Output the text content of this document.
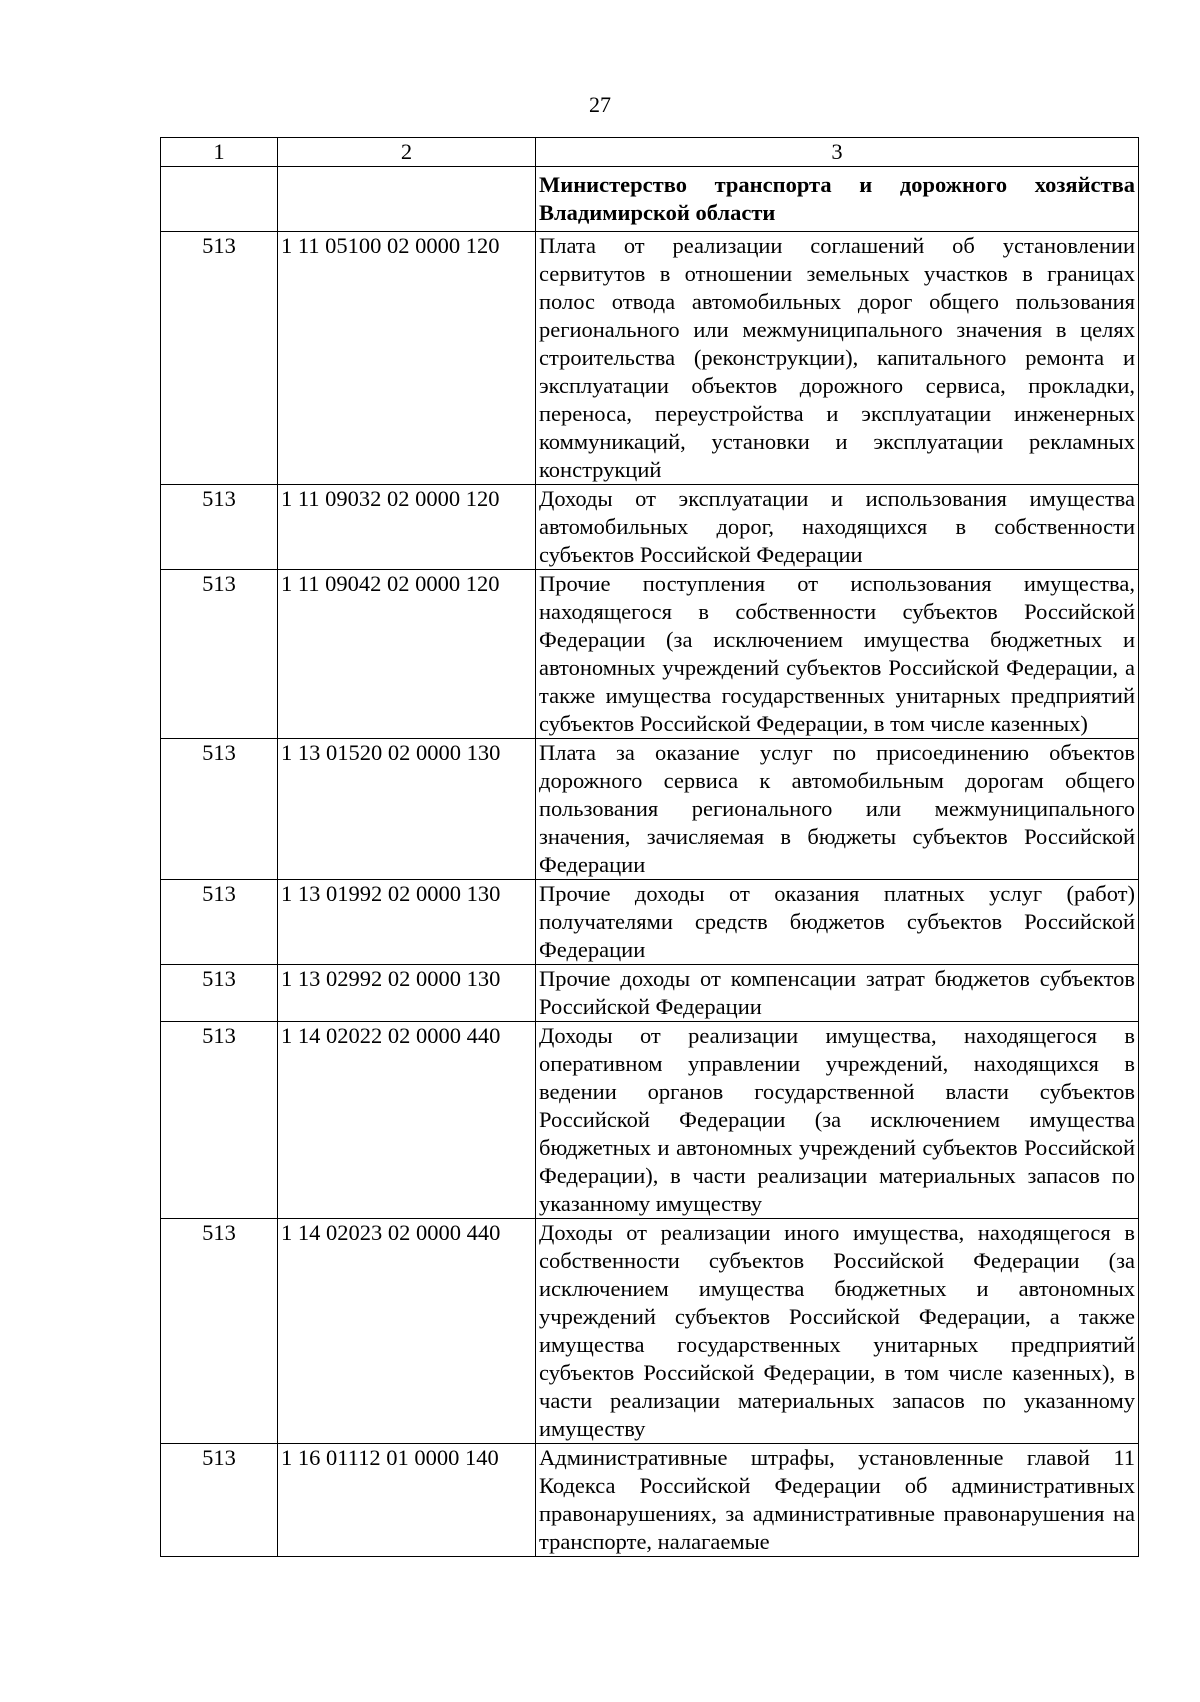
27
1	2	3
		Министерство транспорта и дорожного хозяйства Владимирской области
513	1 11 05100 02 0000 120	Плата от реализации соглашений об установлении сервитутов в отношении земельных участков в границах полос отвода автомобильных дорог общего пользования регионального или межмуниципального значения в целях строительства (реконструкции), капитального ремонта и эксплуатации объектов дорожного сервиса, прокладки, переноса, переустройства и эксплуатации инженерных коммуникаций, установки и эксплуатации рекламных конструкций
513	1 11 09032 02 0000 120	Доходы от эксплуатации и использования имущества автомобильных дорог, находящихся в собственности субъектов Российской Федерации
513	1 11 09042 02 0000 120	Прочие поступления от использования имущества, находящегося в собственности субъектов Российской Федерации (за исключением имущества бюджетных и автономных учреждений субъектов Российской Федерации, а также имущества государственных унитарных предприятий субъектов Российской Федерации, в том числе казенных)
513	1 13 01520 02 0000 130	Плата за оказание услуг по присоединению объектов дорожного сервиса к автомобильным дорогам общего пользования регионального или межмуниципального значения, зачисляемая в бюджеты субъектов Российской Федерации
513	1 13 01992 02 0000 130	Прочие доходы от оказания платных услуг (работ) получателями средств бюджетов субъектов Российской Федерации
513	1 13 02992 02 0000 130	Прочие доходы от компенсации затрат бюджетов субъектов Российской Федерации
513	1 14 02022 02 0000 440	Доходы от реализации имущества, находящегося в оперативном управлении учреждений, находящихся в ведении органов государственной власти субъектов Российской Федерации (за исключением имущества бюджетных и автономных учреждений субъектов Российской Федерации), в части реализации материальных запасов по указанному имуществу
513	1 14 02023 02 0000 440	Доходы от реализации иного имущества, находящегося в собственности субъектов Российской Федерации (за исключением имущества бюджетных и автономных учреждений субъектов Российской Федерации, а также имущества государственных унитарных предприятий субъектов Российской Федерации, в том числе казенных), в части реализации материальных запасов по указанному имуществу
513	1 16 01112 01 0000 140	Административные штрафы, установленные главой 11 Кодекса Российской Федерации об административных правонарушениях, за административные правонарушения на транспорте, налагаемые
